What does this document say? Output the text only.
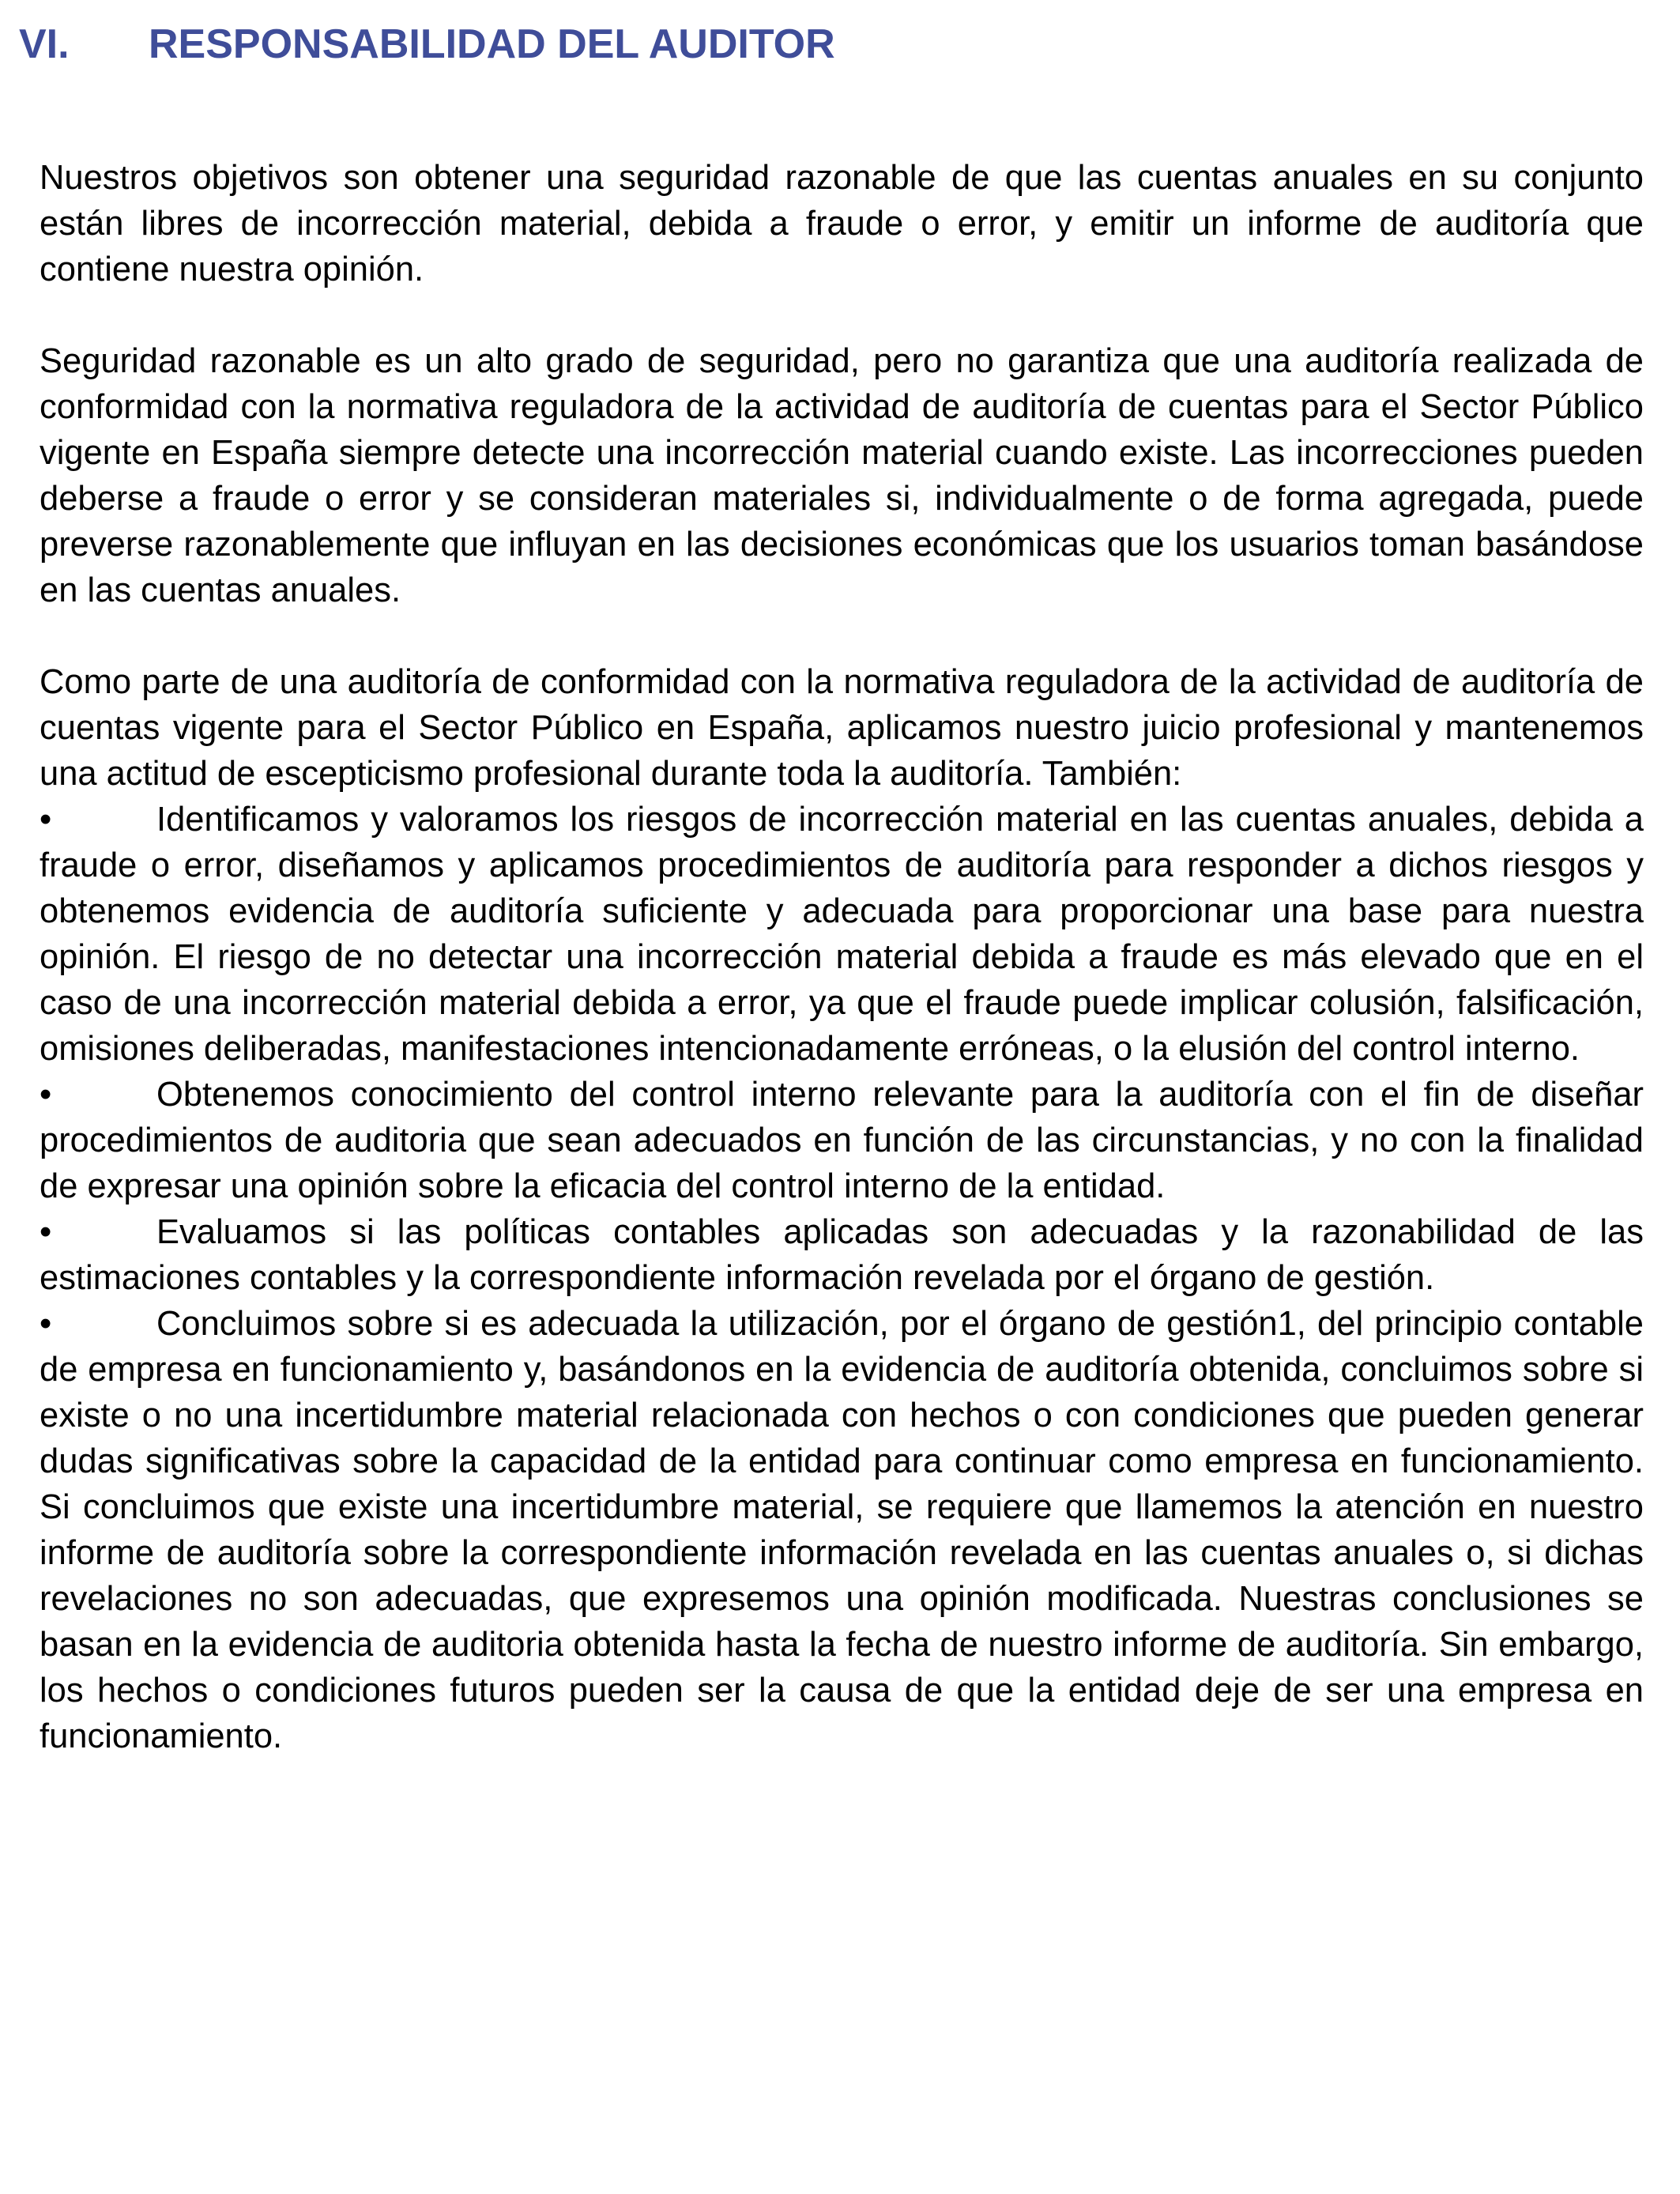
VI.	RESPONSABILIDAD DEL AUDITOR

Nuestros objetivos son obtener una seguridad razonable de que las cuentas anuales en su conjunto están libres de incorrección material, debida a fraude o error, y emitir un informe de auditoría que contiene nuestra opinión.

Seguridad razonable es un alto grado de seguridad, pero no garantiza que una auditoría realizada de conformidad con la normativa reguladora de la actividad de auditoría de cuentas para el Sector Público vigente en España siempre detecte una incorrección material cuando existe. Las incorrecciones pueden deberse a fraude o error y se consideran materiales si, individualmente o de forma agregada, puede preverse razonablemente que influyan en las decisiones económicas que los usuarios toman basándose en las cuentas anuales.

Como parte de una auditoría de conformidad con la normativa reguladora de la actividad de auditoría de cuentas vigente para el Sector Público en España, aplicamos nuestro juicio profesional y mantenemos una actitud de escepticismo profesional durante toda la auditoría. También:

•	Identificamos y valoramos los riesgos de incorrección material en las cuentas anuales, debida a fraude o error, diseñamos y aplicamos procedimientos de auditoría para responder a dichos riesgos y obtenemos evidencia de auditoría suficiente y adecuada para proporcionar una base para nuestra opinión. El riesgo de no detectar una incorrección material debida a fraude es más elevado que en el caso de una incorrección material debida a error, ya que el fraude puede implicar colusión, falsificación, omisiones deliberadas, manifestaciones intencionadamente erróneas, o la elusión del control interno.
•	Obtenemos conocimiento del control interno relevante para la auditoría con el fin de diseñar procedimientos de auditoria que sean adecuados en función de las circunstancias, y no con la finalidad de expresar una opinión sobre la eficacia del control interno de la entidad.
•	Evaluamos si las políticas contables aplicadas son adecuadas y la razonabilidad de las estimaciones contables y la correspondiente información revelada por el órgano de gestión.
•	Concluimos sobre si es adecuada la utilización, por el órgano de gestión1, del principio contable de empresa en funcionamiento y, basándonos en la evidencia de auditoría obtenida, concluimos sobre si existe o no una incertidumbre material relacionada con hechos o con condiciones que pueden generar dudas significativas sobre la capacidad de la entidad para continuar como empresa en funcionamiento. Si concluimos que existe una incertidumbre material, se requiere que llamemos la atención en nuestro informe de auditoría sobre la correspondiente información revelada en las cuentas anuales o, si dichas revelaciones no son adecuadas, que expresemos una opinión modificada. Nuestras conclusiones se basan en la evidencia de auditoria obtenida hasta la fecha de nuestro informe de auditoría. Sin embargo, los hechos o condiciones futuros pueden ser la causa de que la entidad deje de ser una empresa en funcionamiento.
